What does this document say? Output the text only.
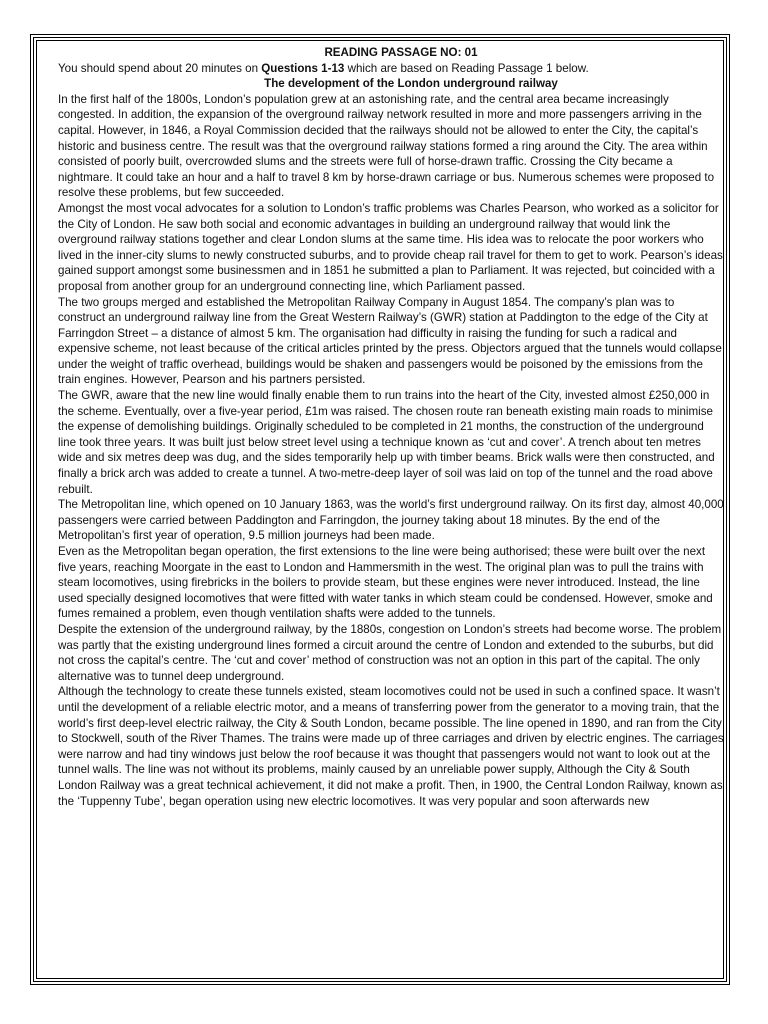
READING PASSAGE NO: 01

You should spend about 20 minutes on Questions 1-13 which are based on Reading Passage 1 below.

The development of the London underground railway

In the first half of the 1800s, London’s population grew at an astonishing rate, and the central area became increasingly congested. In addition, the expansion of the overground railway network resulted in more and more passengers arriving in the capital. However, in 1846, a Royal Commission decided that the railways should not be allowed to enter the City, the capital’s historic and business centre. The result was that the overground railway stations formed a ring around the City. The area within consisted of poorly built, overcrowded slums and the streets were full of horse-drawn traffic. Crossing the City became a nightmare. It could take an hour and a half to travel 8 km by horse-drawn carriage or bus. Numerous schemes were proposed to resolve these problems, but few succeeded.

Amongst the most vocal advocates for a solution to London’s traffic problems was Charles Pearson, who worked as a solicitor for the City of London. He saw both social and economic advantages in building an underground railway that would link the overground railway stations together and clear London slums at the same time. His idea was to relocate the poor workers who lived in the inner-city slums to newly constructed suburbs, and to provide cheap rail travel for them to get to work. Pearson’s ideas gained support amongst some businessmen and in 1851 he submitted a plan to Parliament. It was rejected, but coincided with a proposal from another group for an underground connecting line, which Parliament passed.

The two groups merged and established the Metropolitan Railway Company in August 1854. The company’s plan was to construct an underground railway line from the Great Western Railway’s (GWR) station at Paddington to the edge of the City at Farringdon Street – a distance of almost 5 km. The organisation had difficulty in raising the funding for such a radical and expensive scheme, not least because of the critical articles printed by the press. Objectors argued that the tunnels would collapse under the weight of traffic overhead, buildings would be shaken and passengers would be poisoned by the emissions from the train engines. However, Pearson and his partners persisted.

The GWR, aware that the new line would finally enable them to run trains into the heart of the City, invested almost £250,000 in the scheme. Eventually, over a five-year period, £1m was raised. The chosen route ran beneath existing main roads to minimise the expense of demolishing buildings. Originally scheduled to be completed in 21 months, the construction of the underground line took three years. It was built just below street level using a technique known as ‘cut and cover’. A trench about ten metres wide and six metres deep was dug, and the sides temporarily help up with timber beams. Brick walls were then constructed, and finally a brick arch was added to create a tunnel. A two-metre-deep layer of soil was laid on top of the tunnel and the road above rebuilt.

The Metropolitan line, which opened on 10 January 1863, was the world’s first underground railway. On its first day, almost 40,000 passengers were carried between Paddington and Farringdon, the journey taking about 18 minutes. By the end of the Metropolitan’s first year of operation, 9.5 million journeys had been made.

Even as the Metropolitan began operation, the first extensions to the line were being authorised; these were built over the next five years, reaching Moorgate in the east to London and Hammersmith in the west. The original plan was to pull the trains with steam locomotives, using firebricks in the boilers to provide steam, but these engines were never introduced. Instead, the line used specially designed locomotives that were fitted with water tanks in which steam could be condensed. However, smoke and fumes remained a problem, even though ventilation shafts were added to the tunnels.

Despite the extension of the underground railway, by the 1880s, congestion on London’s streets had become worse. The problem was partly that the existing underground lines formed a circuit around the centre of London and extended to the suburbs, but did not cross the capital’s centre. The ‘cut and cover’ method of construction was not an option in this part of the capital. The only alternative was to tunnel deep underground.

Although the technology to create these tunnels existed, steam locomotives could not be used in such a confined space. It wasn’t until the development of a reliable electric motor, and a means of transferring power from the generator to a moving train, that the world’s first deep-level electric railway, the City & South London, became possible. The line opened in 1890, and ran from the City to Stockwell, south of the River Thames. The trains were made up of three carriages and driven by electric engines. The carriages were narrow and had tiny windows just below the roof because it was thought that passengers would not want to look out at the tunnel walls. The line was not without its problems, mainly caused by an unreliable power supply, Although the City & South London Railway was a great technical achievement, it did not make a profit. Then, in 1900, the Central London Railway, known as the ‘Tuppenny Tube’, began operation using new electric locomotives. It was very popular and soon afterwards new
